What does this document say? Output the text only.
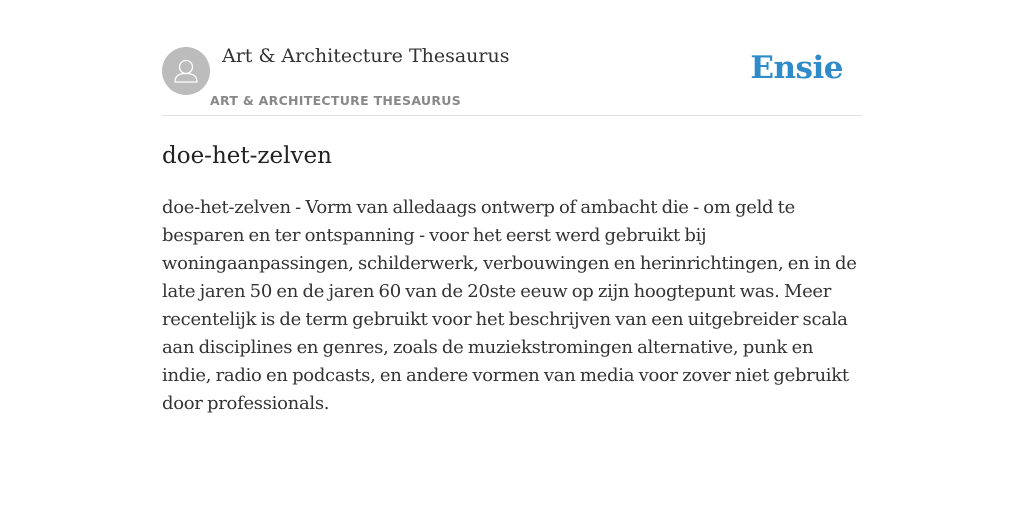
Art & Architecture Thesaurus
ART & ARCHITECTURE THESAURUS
Ensie
doe-het-zelven

doe-het-zelven - Vorm van alledaags ontwerp of ambacht die - om geld te besparen en ter ontspanning - voor het eerst werd gebruikt bij woningaanpassingen, schilderwerk, verbouwingen en herinrichtingen, en in de late jaren 50 en de jaren 60 van de 20ste eeuw op zijn hoogtepunt was. Meer recentelijk is de term gebruikt voor het beschrijven van een uitgebreider scala aan disciplines en genres, zoals de muziekstromingen alternative, punk en indie, radio en podcasts, en andere vormen van media voor zover niet gebruikt door professionals.
